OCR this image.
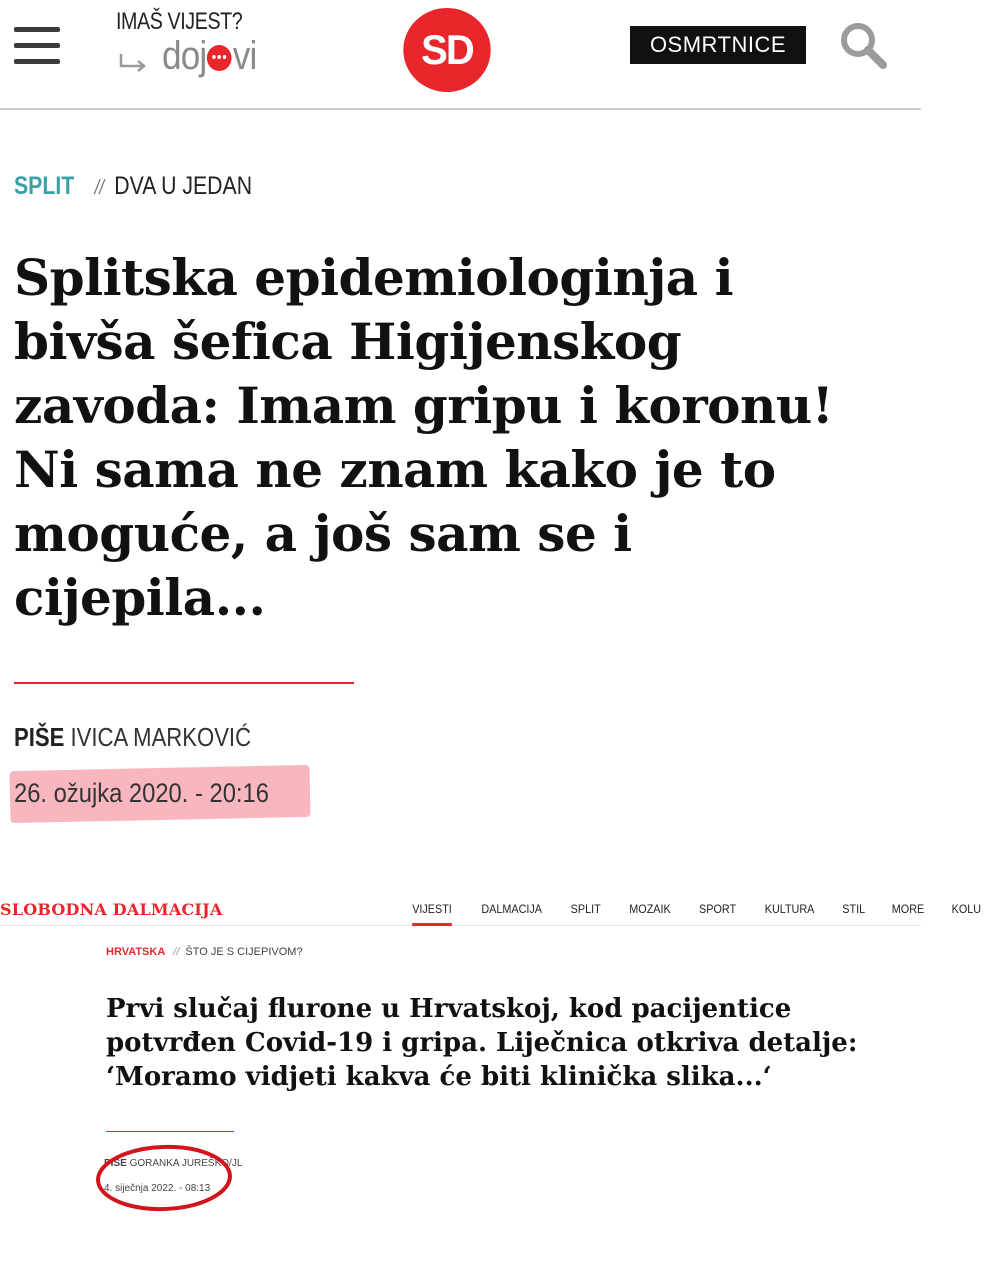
IMAŠ VIJEST?
doj vi	SD	OSMRTNICE
SPLIT // DVA U JEDAN
Splitska epidemiologinja i
bivša šefica Higijenskog
zavoda: Imam gripu i koronu!
Ni sama ne znam kako je to
moguće, a još sam se i
cijepila...
PIŠE IVICA MARKOVIĆ
26. ožujka 2020. - 20:16
SLOBODNA DALMACIJA	VIJESTI DALMACIJA SPLIT MOZAIK SPORT KULTURA STIL MORE KOLU
HRVATSKA // ŠTO JE S CIJEPIVOM?
Prvi slučaj flurone u Hrvatskoj, kod pacijentice
potvrđen Covid-19 i gripa. Liječnica otkriva detalje:
‘Moramo vidjeti kakva će biti klinička slika...‘
PIŠE GORANKA JUREŠKO/JL
4. siječnja 2022. - 08:13
